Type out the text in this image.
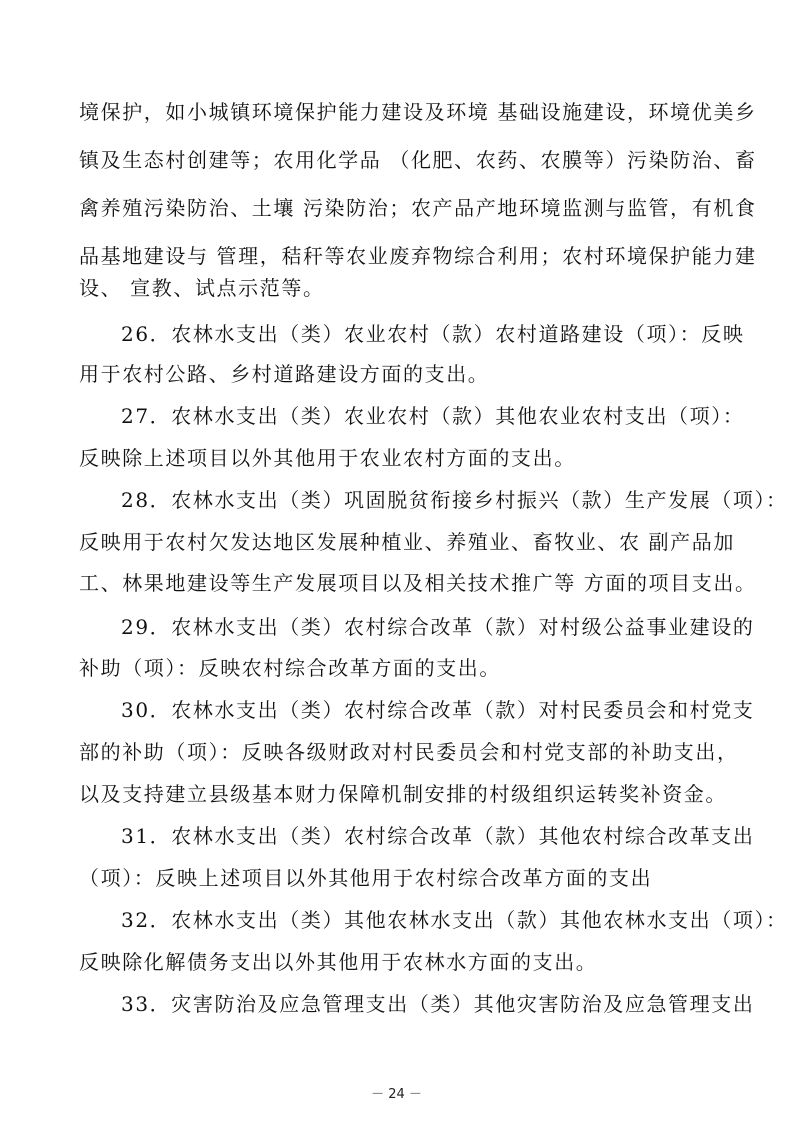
境保护，如小城镇环境保护能力建设及环境 基础设施建设，环境优美乡
镇及生态村创建等；农用化学品 （化肥、农药、农膜等）污染防治、畜
禽养殖污染防治、土壤 污染防治；农产品产地环境监测与监管，有机食
品基地建设与 管理，秸秆等农业废弃物综合利用；农村环境保护能力建
设、 宣教、试点示范等。
26．农林水支出（类）农业农村（款）农村道路建设（项）：反映
用于农村公路、乡村道路建设方面的支出。
27．农林水支出（类）农业农村（款）其他农业农村支出（项）：
反映除上述项目以外其他用于农业农村方面的支出。
28．农林水支出（类）巩固脱贫衔接乡村振兴（款）生产发展（项）：
反映用于农村欠发达地区发展种植业、养殖业、畜牧业、农 副产品加
工、林果地建设等生产发展项目以及相关技术推广等 方面的项目支出。
29．农林水支出（类）农村综合改革（款）对村级公益事业建设的
补助（项）：反映农村综合改革方面的支出。
30．农林水支出（类）农村综合改革（款）对村民委员会和村党支
部的补助（项）：反映各级财政对村民委员会和村党支部的补助支出，
以及支持建立县级基本财力保障机制安排的村级组织运转奖补资金。
31．农林水支出（类）农村综合改革（款）其他农村综合改革支出
（项）：反映上述项目以外其他用于农村综合改革方面的支出
32．农林水支出（类）其他农林水支出（款）其他农林水支出（项）：
反映除化解债务支出以外其他用于农林水方面的支出。
33．灾害防治及应急管理支出（类）其他灾害防治及应急管理支出
－ 24 －
